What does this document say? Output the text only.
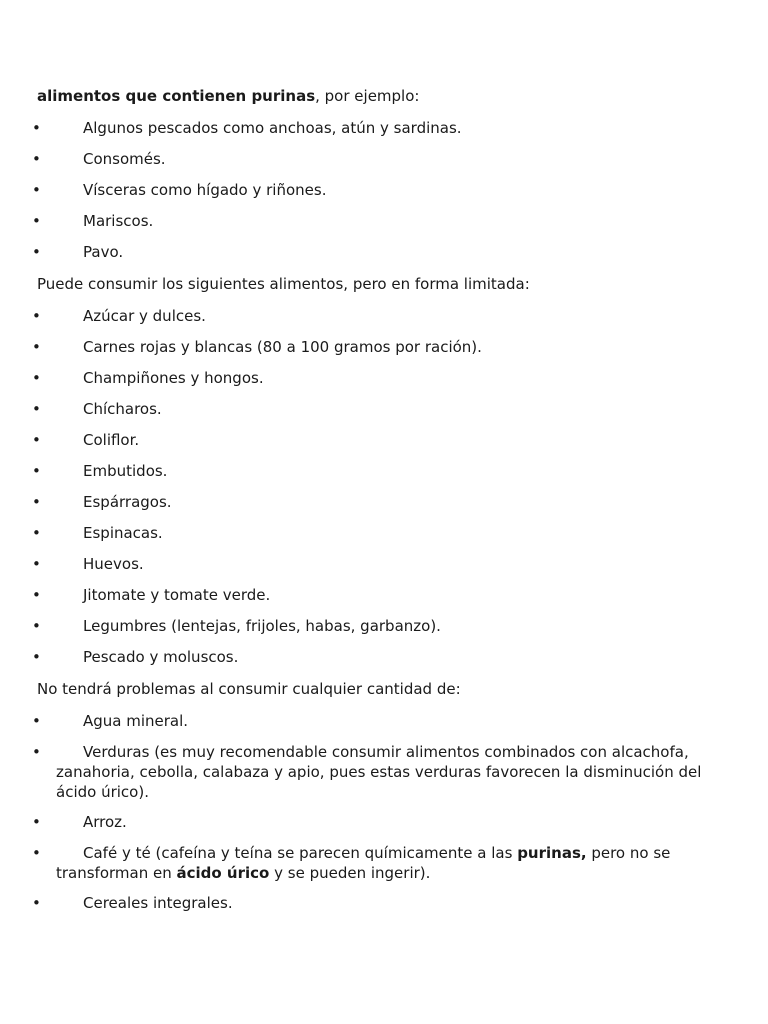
alimentos que contienen purinas, por ejemplo:

•	Algunos pescados como anchoas, atún y sardinas.
•	Consomés.
•	Vísceras como hígado y riñones.
•	Mariscos.
•	Pavo.

Puede consumir los siguientes alimentos, pero en forma limitada:

•	Azúcar y dulces.
•	Carnes rojas y blancas (80 a 100 gramos por ración).
•	Champiñones y hongos.
•	Chícharos.
•	Coliflor.
•	Embutidos.
•	Espárragos.
•	Espinacas.
•	Huevos.
•	Jitomate y tomate verde.
•	Legumbres (lentejas, frijoles, habas, garbanzo).
•	Pescado y moluscos.

No tendrá problemas al consumir cualquier cantidad de:

•	Agua mineral.
•	Verduras (es muy recomendable consumir alimentos combinados con alcachofa, zanahoria, cebolla, calabaza y apio, pues estas verduras favorecen la disminución del ácido úrico).
•	Arroz.
•	Café y té (cafeína y teína se parecen químicamente a las purinas, pero no se transforman en ácido úrico y se pueden ingerir).
•	Cereales integrales.
